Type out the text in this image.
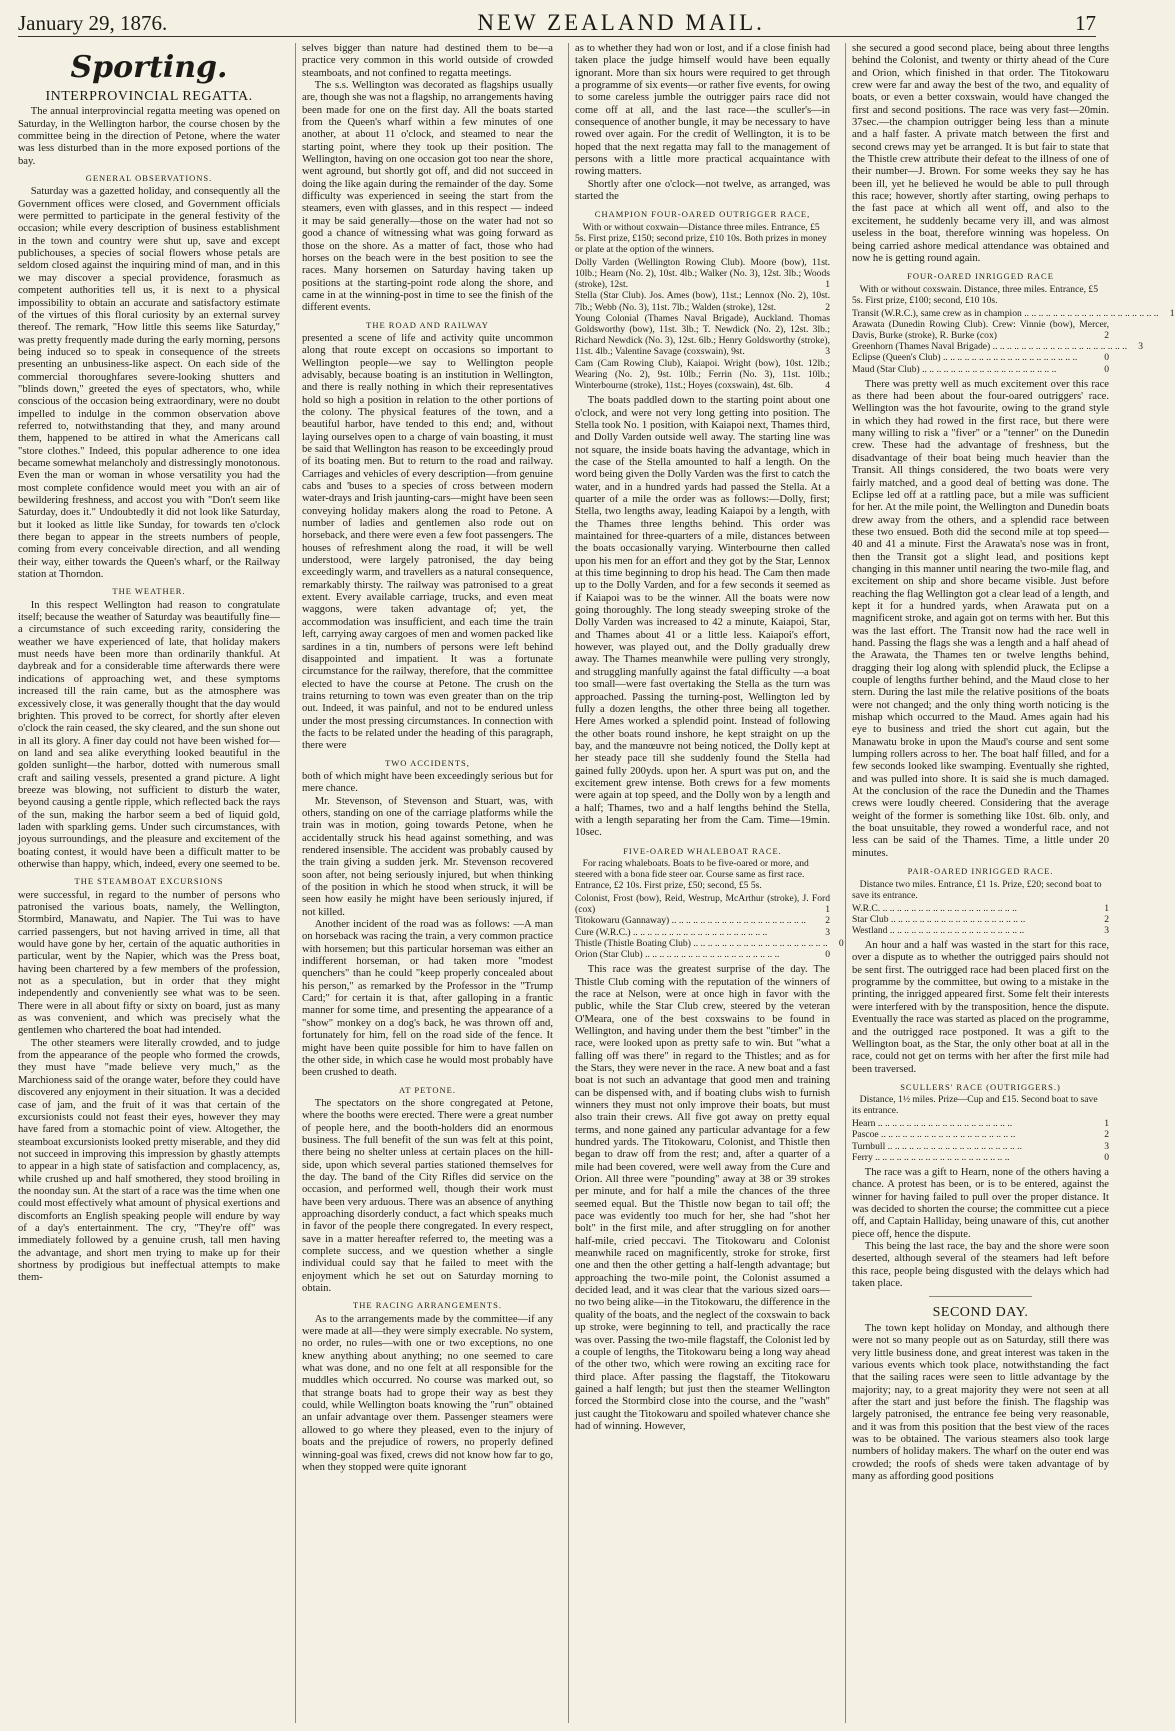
January 29, 1876.	NEW ZEALAND MAIL.	17
Sporting.
INTERPROVINCIAL REGATTA.

The annual interprovincial regatta meeting was opened on Saturday, in the Wellington harbor, the course chosen by the committee being in the direction of Petone, where the water was less disturbed than in the more exposed portions of the bay.

GENERAL OBSERVATIONS.

Saturday was a gazetted holiday, and consequently all the Government offices were closed, and Government officials were permitted to participate in the general festivity of the occasion; while every description of business establishment in the town and country were shut up, save and except publichouses, a species of social flowers whose petals are seldom closed against the inquiring mind of man, and in this we may discover a special providence, forasmuch as competent authorities tell us, it is next to a physical impossibility to obtain an accurate and satisfactory estimate of the virtues of this floral curiosity by an external survey thereof. The remark, "How little this seems like Saturday," was pretty frequently made during the early morning, persons being induced so to speak in consequence of the streets presenting an unbusiness-like aspect. On each side of the commercial thoroughfares severe-looking shutters and "blinds down," greeted the eyes of spectators, who, while conscious of the occasion being extraordinary, were no doubt impelled to indulge in the common observation above referred to, notwithstanding that they, and many around them, happened to be attired in what the Americans call "store clothes." Indeed, this popular adherence to one idea became somewhat melancholy and distressingly monotonous. Even the man or woman in whose versatility you had the most complete confidence would meet you with an air of bewildering freshness, and accost you with "Don't seem like Saturday, does it." Undoubtedly it did not look like Saturday, but it looked as little like Sunday, for towards ten o'clock there began to appear in the streets numbers of people, coming from every conceivable direction, and all wending their way, either towards the Queen's wharf, or the Railway station at Thorndon.

THE WEATHER.

In this respect Wellington had reason to congratulate itself; because the weather of Saturday was beautifully fine—a circumstance of such exceeding rarity, considering the weather we have experienced of late, that holiday makers must needs have been more than ordinarily thankful. At daybreak and for a considerable time afterwards there were indications of approaching wet, and these symptoms increased till the rain came, but as the atmosphere was excessively close, it was generally thought that the day would brighten. This proved to be correct, for shortly after eleven o'clock the rain ceased, the sky cleared, and the sun shone out in all its glory. A finer day could not have been wished for—on land and sea alike everything looked beautiful in the golden sunlight—the harbor, dotted with numerous small craft and sailing vessels, presented a grand picture. A light breeze was blowing, not sufficient to disturb the water, beyond causing a gentle ripple, which reflected back the rays of the sun, making the harbor seem a bed of liquid gold, laden with sparkling gems. Under such circumstances, with joyous surroundings, and the pleasure and excitement of the boating contest, it would have been a difficult matter to be otherwise than happy, which, indeed, every one seemed to be.

THE STEAMBOAT EXCURSIONS

were successful, in regard to the number of persons who patronised the various boats, namely, the Wellington, Stormbird, Manawatu, and Napier. The Tui was to have carried passengers, but not having arrived in time, all that would have gone by her, certain of the aquatic authorities in particular, went by the Napier, which was the Press boat, having been chartered by a few members of the profession, not as a speculation, but in order that they might independently and conveniently see what was to be seen. There were in all about fifty or sixty on board, just as many as was convenient, and which was precisely what the gentlemen who chartered the boat had intended.

The other steamers were literally crowded, and to judge from the appearance of the people who formed the crowds, they must have "made believe very much," as the Marchioness said of the orange water, before they could have discovered any enjoyment in their situation. It was a decided case of jam, and the fruit of it was that certain of the excursionists could not feast their eyes, however they may have fared from a stomachic point of view. Altogether, the steamboat excursionists looked pretty miserable, and they did not succeed in improving this impression by ghastly attempts to appear in a high state of satisfaction and complacency, as, while crushed up and half smothered, they stood broiling in the noonday sun. At the start of a race was the time when one could most effectively what amount of physical exertions and discomforts an English speaking people will endure by way of a day's entertainment. The cry, "They're off" was immediately followed by a genuine crush, tall men having the advantage, and short men trying to make up for their shortness by prodigious but ineffectual attempts to make them-

selves bigger than nature had destined them to be—a practice very common in this world outside of crowded steamboats, and not confined to regatta meetings.

The s.s. Wellington was decorated as flagships usually are, though she was not a flagship, no arrangements having been made for one on the first day. All the boats started from the Queen's wharf within a few minutes of one another, at about 11 o'clock, and steamed to near the starting point, where they took up their position. The Wellington, having on one occasion got too near the shore, went aground, but shortly got off, and did not succeed in doing the like again during the remainder of the day. Some difficulty was experienced in seeing the start from the steamers, even with glasses, and in this respect — indeed it may be said generally—those on the water had not so good a chance of witnessing what was going forward as those on the shore. As a matter of fact, those who had horses on the beach were in the best position to see the races. Many horsemen on Saturday having taken up positions at the starting-point rode along the shore, and came in at the winning-post in time to see the finish of the different events.

THE ROAD AND RAILWAY

presented a scene of life and activity quite uncommon along that route except on occasions so important to Wellington people—we say to Wellington people advisably, because boating is an institution in Wellington, and there is really nothing in which their representatives hold so high a position in relation to the other portions of the colony. The physical features of the town, and a beautiful harbor, have tended to this end; and, without laying ourselves open to a charge of vain boasting, it must be said that Wellington has reason to be exceedingly proud of its boating men. But to return to the road and railway. Carriages and vehicles of every description—from genuine cabs and 'buses to a species of cross between modern water-drays and Irish jaunting-cars—might have been seen conveying holiday makers along the road to Petone. A number of ladies and gentlemen also rode out on horseback, and there were even a few foot passengers. The houses of refreshment along the road, it will be well understood, were largely patronised, the day being exceedingly warm, and travellers as a natural consequence, remarkably thirsty. The railway was patronised to a great extent. Every available carriage, trucks, and even meat waggons, were taken advantage of; yet, the accommodation was insufficient, and each time the train left, carrying away cargoes of men and women packed like sardines in a tin, numbers of persons were left behind disappointed and impatient. It was a fortunate circumstance for the railway, therefore, that the committee elected to have the course at Petone. The crush on the trains returning to town was even greater than on the trip out. Indeed, it was painful, and not to be endured unless under the most pressing circumstances. In connection with the facts to be related under the heading of this paragraph, there were

TWO ACCIDENTS,

both of which might have been exceedingly serious but for mere chance.

Mr. Stevenson, of Stevenson and Stuart, was, with others, standing on one of the carriage platforms while the train was in motion, going towards Petone, when he accidentally struck his head against something, and was rendered insensible. The accident was probably caused by the train giving a sudden jerk. Mr. Stevenson recovered soon after, not being seriously injured, but when thinking of the position in which he stood when struck, it will be seen how easily he might have been seriously injured, if not killed.

Another incident of the road was as follows: —A man on horseback was racing the train, a very common practice with horsemen; but this particular horseman was either an indifferent horseman, or had taken more "modest quenchers" than he could "keep properly concealed about his person," as remarked by the Professor in the "Trump Card;" for certain it is that, after galloping in a frantic manner for some time, and presenting the appearance of a "show" monkey on a dog's back, he was thrown off and, fortunately for him, fell on the road side of the fence. It might have been quite possible for him to have fallen on the other side, in which case he would most probably have been crushed to death.

AT PETONE.

The spectators on the shore congregated at Petone, where the booths were erected. There were a great number of people here, and the booth-holders did an enormous business. The full benefit of the sun was felt at this point, there being no shelter unless at certain places on the hill-side, upon which several parties stationed themselves for the day. The band of the City Rifles did service on the occasion, and performed well, though their work must have been very arduous. There was an absence of anything approaching disorderly conduct, a fact which speaks much in favor of the people there congregated. In every respect, save in a matter hereafter referred to, the meeting was a complete success, and we question whether a single individual could say that he failed to meet with the enjoyment which he set out on Saturday morning to obtain.

THE RACING ARRANGEMENTS.

As to the arrangements made by the committee—if any were made at all—they were simply execrable. No system, no order, no rules—with one or two exceptions, no one knew anything about anything; no one seemed to care what was done, and no one felt at all responsible for the muddles which occurred. No course was marked out, so that strange boats had to grope their way as best they could, while Wellington boats knowing the "run" obtained an unfair advantage over them. Passenger steamers were allowed to go where they pleased, even to the injury of boats and the prejudice of rowers, no properly defined winning-goal was fixed, crews did not know how far to go, when they stopped were quite ignorant

as to whether they had won or lost, and if a close finish had taken place the judge himself would have been equally ignorant. More than six hours were required to get through a programme of six events—or rather five events, for owing to some careless jumble the outrigger pairs race did not come off at all, and the last race—the sculler's—in consequence of another bungle, it may be necessary to have rowed over again. For the credit of Wellington, it is to be hoped that the next regatta may fall to the management of persons with a little more practical acquaintance with rowing matters.

Shortly after one o'clock—not twelve, as arranged, was started the

CHAMPION FOUR-OARED OUTRIGGER RACE,
With or without coxwain—Distance three miles. Entrance, £5 5s. First prize, £150; second prize, £10 10s. Both prizes in money or plate at the option of the winners.
Dolly Varden (Wellington Rowing Club). Moore (bow), 11st. 10lb.; Hearn (No. 2), 10st. 4lb.; Walker (No. 3), 12st. 3lb.; Woods (stroke), 12st.	1
Stella (Star Club). Jos. Ames (bow), 11st.; Lennox (No. 2), 10st. 7lb.; Webb (No. 3), 11st. 7lb.; Walden (stroke), 12st.	2
Young Colonial (Thames Naval Brigade), Auckland. Thomas Goldsworthy (bow), 11st. 3lb.; T. Newdick (No. 2), 12st. 3lb.; Richard Newdick (No. 3), 12st. 6lb.; Henry Goldsworthy (stroke), 11st. 4lb.; Valentine Savage (coxswain), 9st.	3
Cam (Cam Rowing Club), Kaiapoi. Wright (bow), 10st. 12lb.; Wearing (No. 2), 9st. 10lb.; Ferrin (No. 3), 11st. 10lb.; Winterbourne (stroke), 11st.; Hoyes (coxswain), 4st. 6lb.	4

The boats paddled down to the starting point about one o'clock, and were not very long getting into position. The Stella took No. 1 position, with Kaiapoi next, Thames third, and Dolly Varden outside well away. The starting line was not square, the inside boats having the advantage, which in the case of the Stella amounted to half a length. On the word being given the Dolly Varden was the first to catch the water, and in a hundred yards had passed the Stella. At a quarter of a mile the order was as follows:—Dolly, first; Stella, two lengths away, leading Kaiapoi by a length, with the Thames three lengths behind. This order was maintained for three-quarters of a mile, distances between the boats occasionally varying. Winterbourne then called upon his men for an effort and they got by the Star, Lennox at this time beginning to drop his head. The Cam then made up to the Dolly Varden, and for a few seconds it seemed as if Kaiapoi was to be the winner. All the boats were now going thoroughly. The long steady sweeping stroke of the Dolly Varden was increased to 42 a minute, Kaiapoi, Star, and Thames about 41 or a little less. Kaiapoi's effort, however, was played out, and the Dolly gradually drew away. The Thames meanwhile were pulling very strongly, and struggling manfully against the fatal difficulty —a boat too small—were fast overtaking the Stella as the turn was approached. Passing the turning-post, Wellington led by fully a dozen lengths, the other three being all together. Here Ames worked a splendid point. Instead of following the other boats round inshore, he kept straight on up the bay, and the manœuvre not being noticed, the Dolly kept at her steady pace till she suddenly found the Stella had gained fully 200yds. upon her. A spurt was put on, and the excitement grew intense. Both crews for a few moments were again at top speed, and the Dolly won by a length and a half; Thames, two and a half lengths behind the Stella, with a length separating her from the Cam. Time—19min. 10sec.

FIVE-OARED WHALEBOAT RACE.
For racing whaleboats. Boats to be five-oared or more, and steered with a bona fide steer oar. Course same as first race. Entrance, £2 10s. First prize, £50; second, £5 5s.
Colonist, Frost (bow), Reid, Westrup, McArthur (stroke), J. Ford (cox)	1
Titokowaru (Gannaway) .. ..	2
Cure (W.R.C.) .. ..	3
Thistle (Thistle Boating Club) .. ..	0
Orion (Star Club) .. ..	0

This race was the greatest surprise of the day. The Thistle Club coming with the reputation of the winners of the race at Nelson, were at once high in favor with the public, while the Star Club crew, steered by the veteran O'Meara, one of the best coxswains to be found in Wellington, and having under them the best "timber" in the race, were looked upon as pretty safe to win. But "what a falling off was there" in regard to the Thistles; and as for the Stars, they were never in the race. A new boat and a fast boat is not such an advantage that good men and training can be dispensed with, and if boating clubs wish to furnish winners they must not only improve their boats, but must also train their crews. All five got away on pretty equal terms, and none gained any particular advantage for a few hundred yards. The Titokowaru, Colonist, and Thistle then began to draw off from the rest; and, after a quarter of a mile had been covered, were well away from the Cure and Orion. All three were "pounding" away at 38 or 39 strokes per minute, and for half a mile the chances of the three seemed equal. But the Thistle now began to tail off; the pace was evidently too much for her, she had "shot her bolt" in the first mile, and after struggling on for another half-mile, cried peccavi. The Titokowaru and Colonist meanwhile raced on magnificently, stroke for stroke, first one and then the other getting a half-length advantage; but approaching the two-mile point, the Colonist assumed a decided lead, and it was clear that the various sized oars—no two being alike—in the Titokowaru, the difference in the quality of the boats, and the neglect of the coxswain to back up stroke, were beginning to tell, and practically the race was over. Passing the two-mile flagstaff, the Colonist led by a couple of lengths, the Titokowaru being a long way ahead of the other two, which were rowing an exciting race for third place. After passing the flagstaff, the Titokowaru gained a half length; but just then the steamer Wellington forced the Stormbird close into the course, and the "wash" just caught the Titokowaru and spoiled whatever chance she had of winning. However,

she secured a good second place, being about three lengths behind the Colonist, and twenty or thirty ahead of the Cure and Orion, which finished in that order. The Titokowaru crew were far and away the best of the two, and equality of boats, or even a better coxswain, would have changed the first and second positions. The race was very fast—20min. 37sec.—the champion outrigger being less than a minute and a half faster. A private match between the first and second crews may yet be arranged. It is but fair to state that the Thistle crew attribute their defeat to the illness of one of their number—J. Brown. For some weeks they say he has been ill, yet he believed he would be able to pull through this race; however, shortly after starting, owing perhaps to the fast pace at which all went off, and also to the excitement, he suddenly became very ill, and was almost useless in the boat, therefore winning was hopeless. On being carried ashore medical attendance was obtained and now he is getting round again.

FOUR-OARED INRIGGED RACE
With or without coxswain. Distance, three miles. Entrance, £5 5s. First prize, £100; second, £10 10s.
Transit (W.R.C.), same crew as in champion .. ..	1
Arawata (Dunedin Rowing Club). Crew: Vinnie (bow), Mercer, Davis, Burke (stroke), R. Burke (cox)	2
Greenhorn (Thames Naval Brigade) .. ..	3
Eclipse (Queen's Club) .. ..	0
Maud (Star Club) .. ..	0

There was pretty well as much excitement over this race as there had been about the four-oared outriggers' race. Wellington was the hot favourite, owing to the grand style in which they had rowed in the first race, but there were many willing to risk a "fiver" or a "tenner" on the Dunedin crew. These had the advantage of freshness, but the disadvantage of their boat being much heavier than the Transit. All things considered, the two boats were very fairly matched, and a good deal of betting was done. The Eclipse led off at a rattling pace, but a mile was sufficient for her. At the mile point, the Wellington and Dunedin boats drew away from the others, and a splendid race between these two ensued. Both did the second mile at top speed—40 and 41 a minute. First the Arawata's nose was in front, then the Transit got a slight lead, and positions kept changing in this manner until nearing the two-mile flag, and excitement on ship and shore became visible. Just before reaching the flag Wellington got a clear lead of a length, and kept it for a hundred yards, when Arawata put on a magnificent stroke, and again got on terms with her. But this was the last effort. The Transit now had the race well in hand. Passing the flags she was a length and a half ahead of the Arawata, the Thames ten or twelve lengths behind, dragging their log along with splendid pluck, the Eclipse a couple of lengths further behind, and the Maud close to her stern. During the last mile the relative positions of the boats were not changed; and the only thing worth noticing is the mishap which occurred to the Maud. Ames again had his eye to business and tried the short cut again, but the Manawatu broke in upon the Maud's course and sent some lumping rollers across to her. The boat half filled, and for a few seconds looked like swamping. Eventually she righted, and was pulled into shore. It is said she is much damaged. At the conclusion of the race the Dunedin and the Thames crews were loudly cheered. Considering that the average weight of the former is something like 10st. 6lb. only, and the boat unsuitable, they rowed a wonderful race, and not less can be said of the Thames. Time, a little under 20 minutes.

PAIR-OARED INRIGGED RACE.
Distance two miles. Entrance, £1 1s. Prize, £20; second boat to save its entrance.
W.R.C. .. ..	1
Star Club .. ..	2
Westland .. ..	3

An hour and a half was wasted in the start for this race, over a dispute as to whether the outrigged pairs should not be sent first. The outrigged race had been placed first on the programme by the committee, but owing to a mistake in the printing, the inrigged appeared first. Some felt their interests were interfered with by the transposition, hence the dispute. Eventually the race was started as placed on the programme, and the outrigged race postponed. It was a gift to the Wellington boat, as the Star, the only other boat at all in the race, could not get on terms with her after the first mile had been traversed.

SCULLERS' RACE (OUTRIGGERS.)
Distance, 1½ miles. Prize—Cup and £15. Second boat to save its entrance.
Hearn .. ..	1
Pascoe .. ..	2
Turnbull .. ..	3
Ferry .. ..	0

The race was a gift to Hearn, none of the others having a chance. A protest has been, or is to be entered, against the winner for having failed to pull over the proper distance. It was decided to shorten the course; the committee cut a piece off, and Captain Halliday, being unaware of this, cut another piece off, hence the dispute.

This being the last race, the bay and the shore were soon deserted, although several of the steamers had left before this race, people being disgusted with the delays which had taken place.

SECOND DAY.

The town kept holiday on Monday, and although there were not so many people out as on Saturday, still there was very little business done, and great interest was taken in the various events which took place, notwithstanding the fact that the sailing races were seen to little advantage by the majority; nay, to a great majority they were not seen at all after the start and just before the finish. The flagship was largely patronised, the entrance fee being very reasonable, and it was from this position that the best view of the races was to be obtained. The various steamers also took large numbers of holiday makers. The wharf on the outer end was crowded; the roofs of sheds were taken advantage of by many as affording good positions
